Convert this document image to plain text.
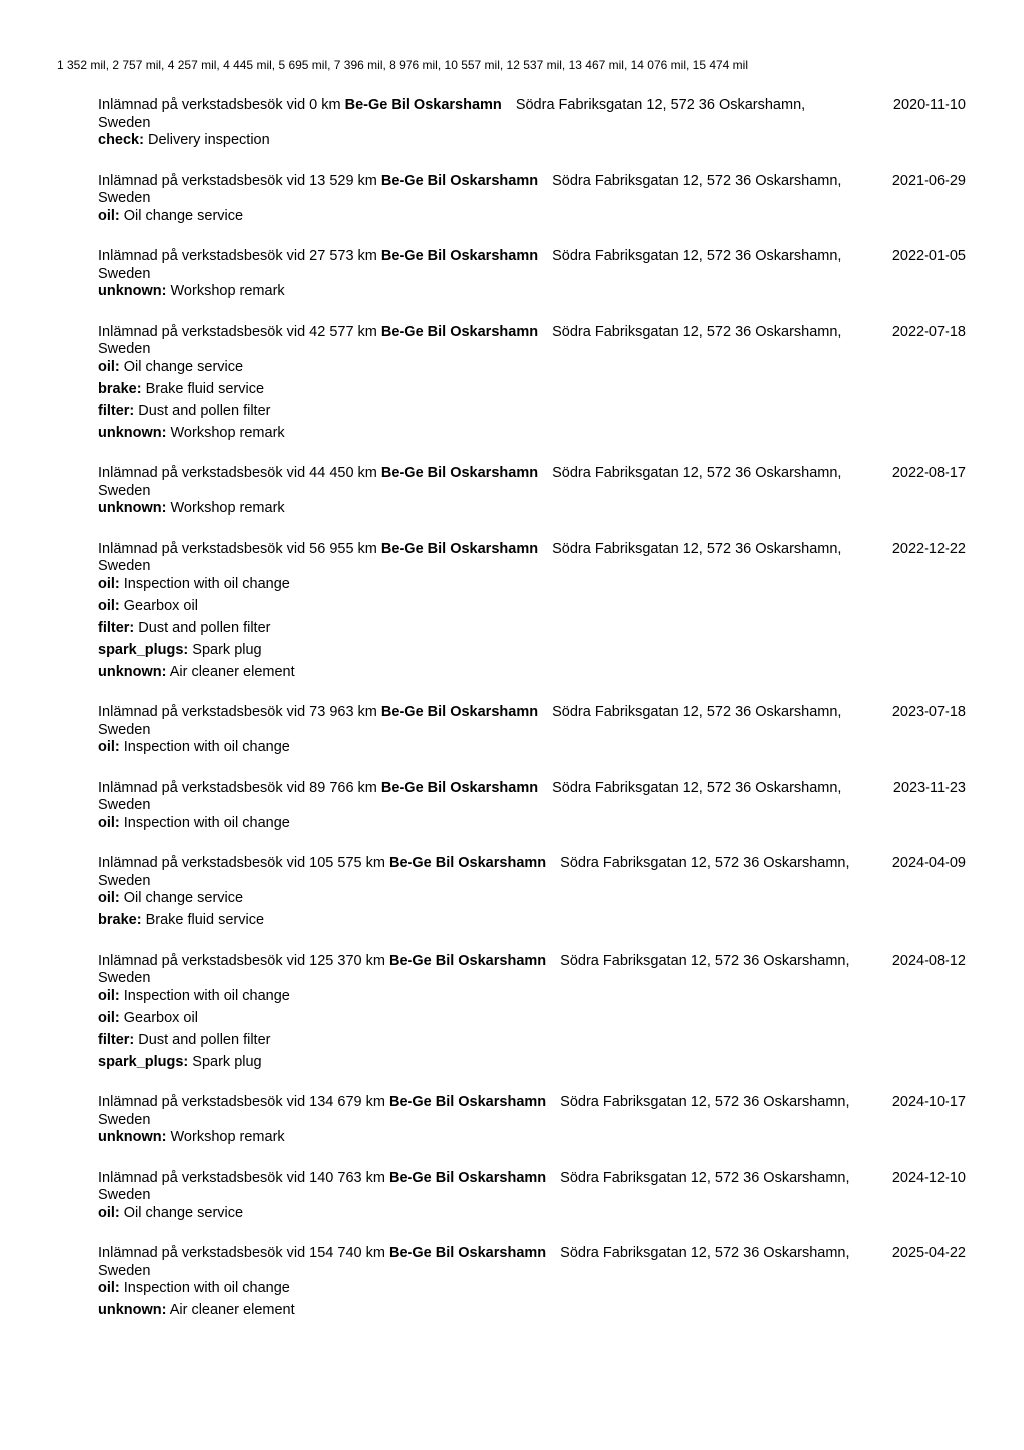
1 352 mil, 2 757 mil, 4 257 mil, 4 445 mil, 5 695 mil, 7 396 mil, 8 976 mil, 10 557 mil, 12 537 mil, 13 467 mil, 14 076 mil, 15 474 mil
Inlämnad på verkstadsbesök vid 0 km Be-Ge Bil Oskarshamn Södra Fabriksgatan 12, 572 36 Oskarshamn, Sweden
2020-11-10
check: Delivery inspection
Inlämnad på verkstadsbesök vid 13 529 km Be-Ge Bil Oskarshamn Södra Fabriksgatan 12, 572 36 Oskarshamn, Sweden
2021-06-29
oil: Oil change service
Inlämnad på verkstadsbesök vid 27 573 km Be-Ge Bil Oskarshamn Södra Fabriksgatan 12, 572 36 Oskarshamn, Sweden
2022-01-05
unknown: Workshop remark
Inlämnad på verkstadsbesök vid 42 577 km Be-Ge Bil Oskarshamn Södra Fabriksgatan 12, 572 36 Oskarshamn, Sweden
2022-07-18
oil: Oil change service
brake: Brake fluid service
filter: Dust and pollen filter
unknown: Workshop remark
Inlämnad på verkstadsbesök vid 44 450 km Be-Ge Bil Oskarshamn Södra Fabriksgatan 12, 572 36 Oskarshamn, Sweden
2022-08-17
unknown: Workshop remark
Inlämnad på verkstadsbesök vid 56 955 km Be-Ge Bil Oskarshamn Södra Fabriksgatan 12, 572 36 Oskarshamn, Sweden
2022-12-22
oil: Inspection with oil change
oil: Gearbox oil
filter: Dust and pollen filter
spark_plugs: Spark plug
unknown: Air cleaner element
Inlämnad på verkstadsbesök vid 73 963 km Be-Ge Bil Oskarshamn Södra Fabriksgatan 12, 572 36 Oskarshamn, Sweden
2023-07-18
oil: Inspection with oil change
Inlämnad på verkstadsbesök vid 89 766 km Be-Ge Bil Oskarshamn Södra Fabriksgatan 12, 572 36 Oskarshamn, Sweden
2023-11-23
oil: Inspection with oil change
Inlämnad på verkstadsbesök vid 105 575 km Be-Ge Bil Oskarshamn Södra Fabriksgatan 12, 572 36 Oskarshamn, Sweden
2024-04-09
oil: Oil change service
brake: Brake fluid service
Inlämnad på verkstadsbesök vid 125 370 km Be-Ge Bil Oskarshamn Södra Fabriksgatan 12, 572 36 Oskarshamn, Sweden
2024-08-12
oil: Inspection with oil change
oil: Gearbox oil
filter: Dust and pollen filter
spark_plugs: Spark plug
Inlämnad på verkstadsbesök vid 134 679 km Be-Ge Bil Oskarshamn Södra Fabriksgatan 12, 572 36 Oskarshamn, Sweden
2024-10-17
unknown: Workshop remark
Inlämnad på verkstadsbesök vid 140 763 km Be-Ge Bil Oskarshamn Södra Fabriksgatan 12, 572 36 Oskarshamn, Sweden
2024-12-10
oil: Oil change service
Inlämnad på verkstadsbesök vid 154 740 km Be-Ge Bil Oskarshamn Södra Fabriksgatan 12, 572 36 Oskarshamn, Sweden
2025-04-22
oil: Inspection with oil change
unknown: Air cleaner element
